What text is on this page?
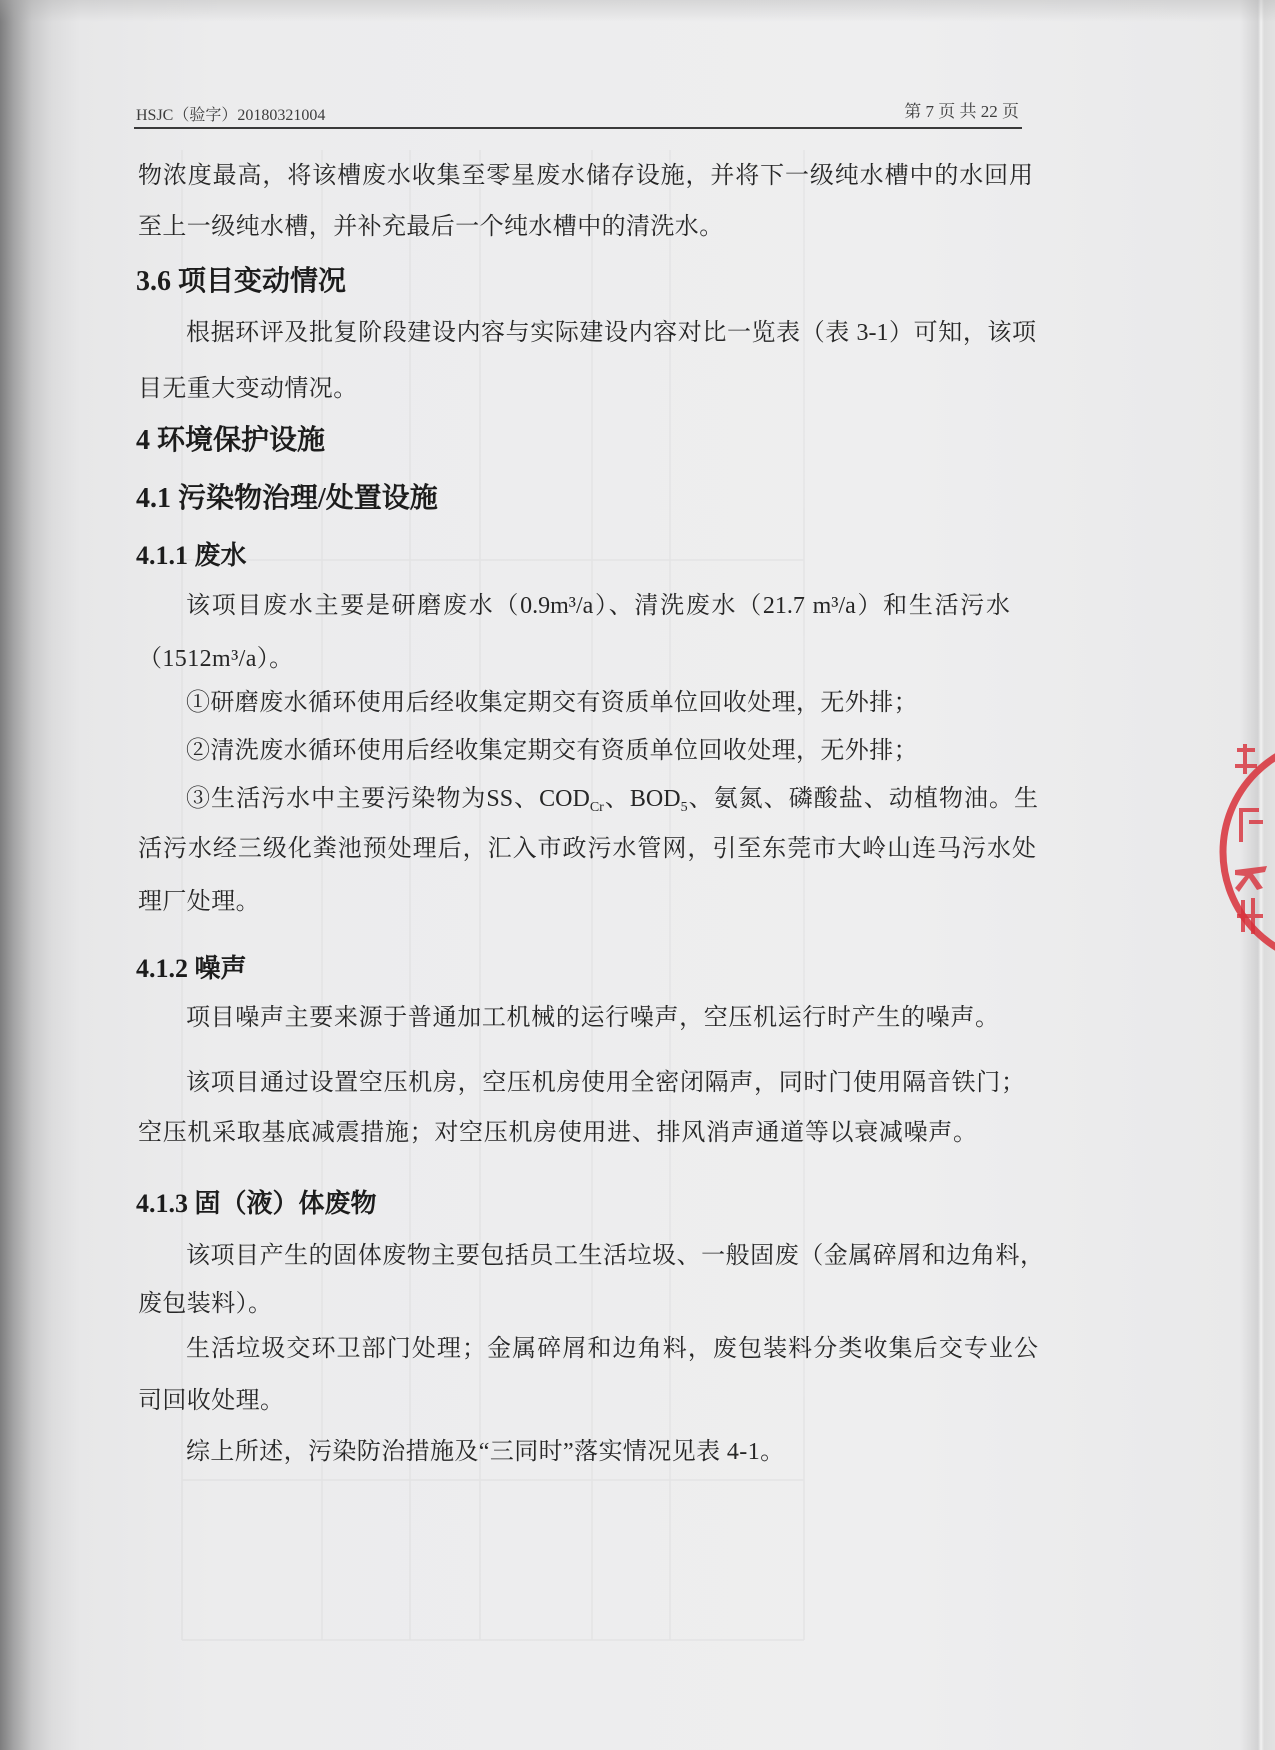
HSJC（验字）20180321004	第 7 页 共 22 页
物浓度最高，将该槽废水收集至零星废水储存设施，并将下一级纯水槽中的水回用
至上一级纯水槽，并补充最后一个纯水槽中的清洗水。
3.6 项目变动情况
根据环评及批复阶段建设内容与实际建设内容对比一览表（表 3-1）可知，该项
目无重大变动情况。
4 环境保护设施
4.1 污染物治理/处置设施
4.1.1 废水
该项目废水主要是研磨废水（0.9m³/a）、清洗废水（21.7 m³/a）和生活污水
（1512m³/a）。
①研磨废水循环使用后经收集定期交有资质单位回收处理，无外排；
②清洗废水循环使用后经收集定期交有资质单位回收处理，无外排；
③生活污水中主要污染物为SS、$COD_{Cr}$、$BOD_5$、氨氮、磷酸盐、动植物油。生
活污水经三级化粪池预处理后，汇入市政污水管网，引至东莞市大岭山连马污水处
理厂处理。
4.1.2 噪声
项目噪声主要来源于普通加工机械的运行噪声，空压机运行时产生的噪声。
该项目通过设置空压机房，空压机房使用全密闭隔声，同时门使用隔音铁门；
空压机采取基底减震措施；对空压机房使用进、排风消声通道等以衰减噪声。
4.1.3 固（液）体废物
该项目产生的固体废物主要包括员工生活垃圾、一般固废（金属碎屑和边角料，
废包装料）。
生活垃圾交环卫部门处理；金属碎屑和边角料，废包装料分类收集后交专业公
司回收处理。
综上所述，污染防治措施及“三同时”落实情况见表 4-1。
